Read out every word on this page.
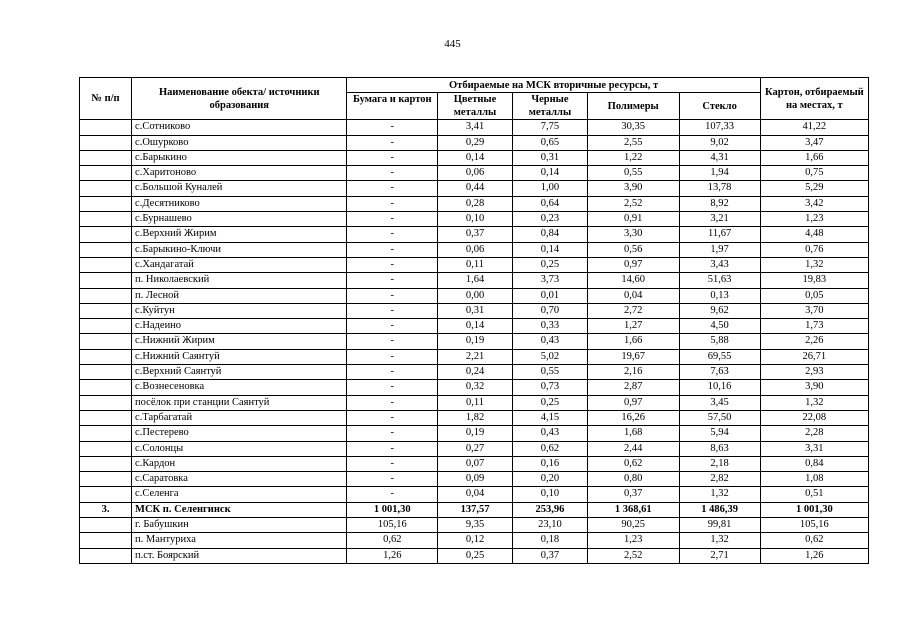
445
№ п/п	Наименование обекта/ источники образования	Отбираемые на МСК вторичные ресурсы, т					Картон, отбираемый на местах, т
		Бумага и картон	Цветные металлы	Черные металлы	Полимеры	Стекло	
	с.Сотниково	-	3,41	7,75	30,35	107,33	41,22
	с.Ошурково	-	0,29	0,65	2,55	9,02	3,47
	с.Барыкино	-	0,14	0,31	1,22	4,31	1,66
	с.Харитоново	-	0,06	0,14	0,55	1,94	0,75
	с.Большой Куналей	-	0,44	1,00	3,90	13,78	5,29
	с.Десятниково	-	0,28	0,64	2,52	8,92	3,42
	с.Бурнашево	-	0,10	0,23	0,91	3,21	1,23
	с.Верхний Жирим	-	0,37	0,84	3,30	11,67	4,48
	с.Барыкино-Ключи	-	0,06	0,14	0,56	1,97	0,76
	с.Хандагатай	-	0,11	0,25	0,97	3,43	1,32
	п. Николаевский	-	1,64	3,73	14,60	51,63	19,83
	п. Лесной	-	0,00	0,01	0,04	0,13	0,05
	с.Куйтун	-	0,31	0,70	2,72	9,62	3,70
	с.Надеино	-	0,14	0,33	1,27	4,50	1,73
	с.Нижний Жирим	-	0,19	0,43	1,66	5,88	2,26
	с.Нижний Саянтуй	-	2,21	5,02	19,67	69,55	26,71
	с.Верхний Саянтуй	-	0,24	0,55	2,16	7,63	2,93
	с.Вознесеновка	-	0,32	0,73	2,87	10,16	3,90
	посёлок при станции Саянтуй	-	0,11	0,25	0,97	3,45	1,32
	с.Тарбагатай	-	1,82	4,15	16,26	57,50	22,08
	с.Пестерево	-	0,19	0,43	1,68	5,94	2,28
	с.Солонцы	-	0,27	0,62	2,44	8,63	3,31
	с.Кардон	-	0,07	0,16	0,62	2,18	0,84
	с.Саратовка	-	0,09	0,20	0,80	2,82	1,08
	с.Селенга	-	0,04	0,10	0,37	1,32	0,51
3.	МСК п. Селенгинск	1 001,30	137,57	253,96	1 368,61	1 486,39	1 001,30
	г. Бабушкин	105,16	9,35	23,10	90,25	99,81	105,16
	п. Мантуриха	0,62	0,12	0,18	1,23	1,32	0,62
	п.ст. Боярский	1,26	0,25	0,37	2,52	2,71	1,26
